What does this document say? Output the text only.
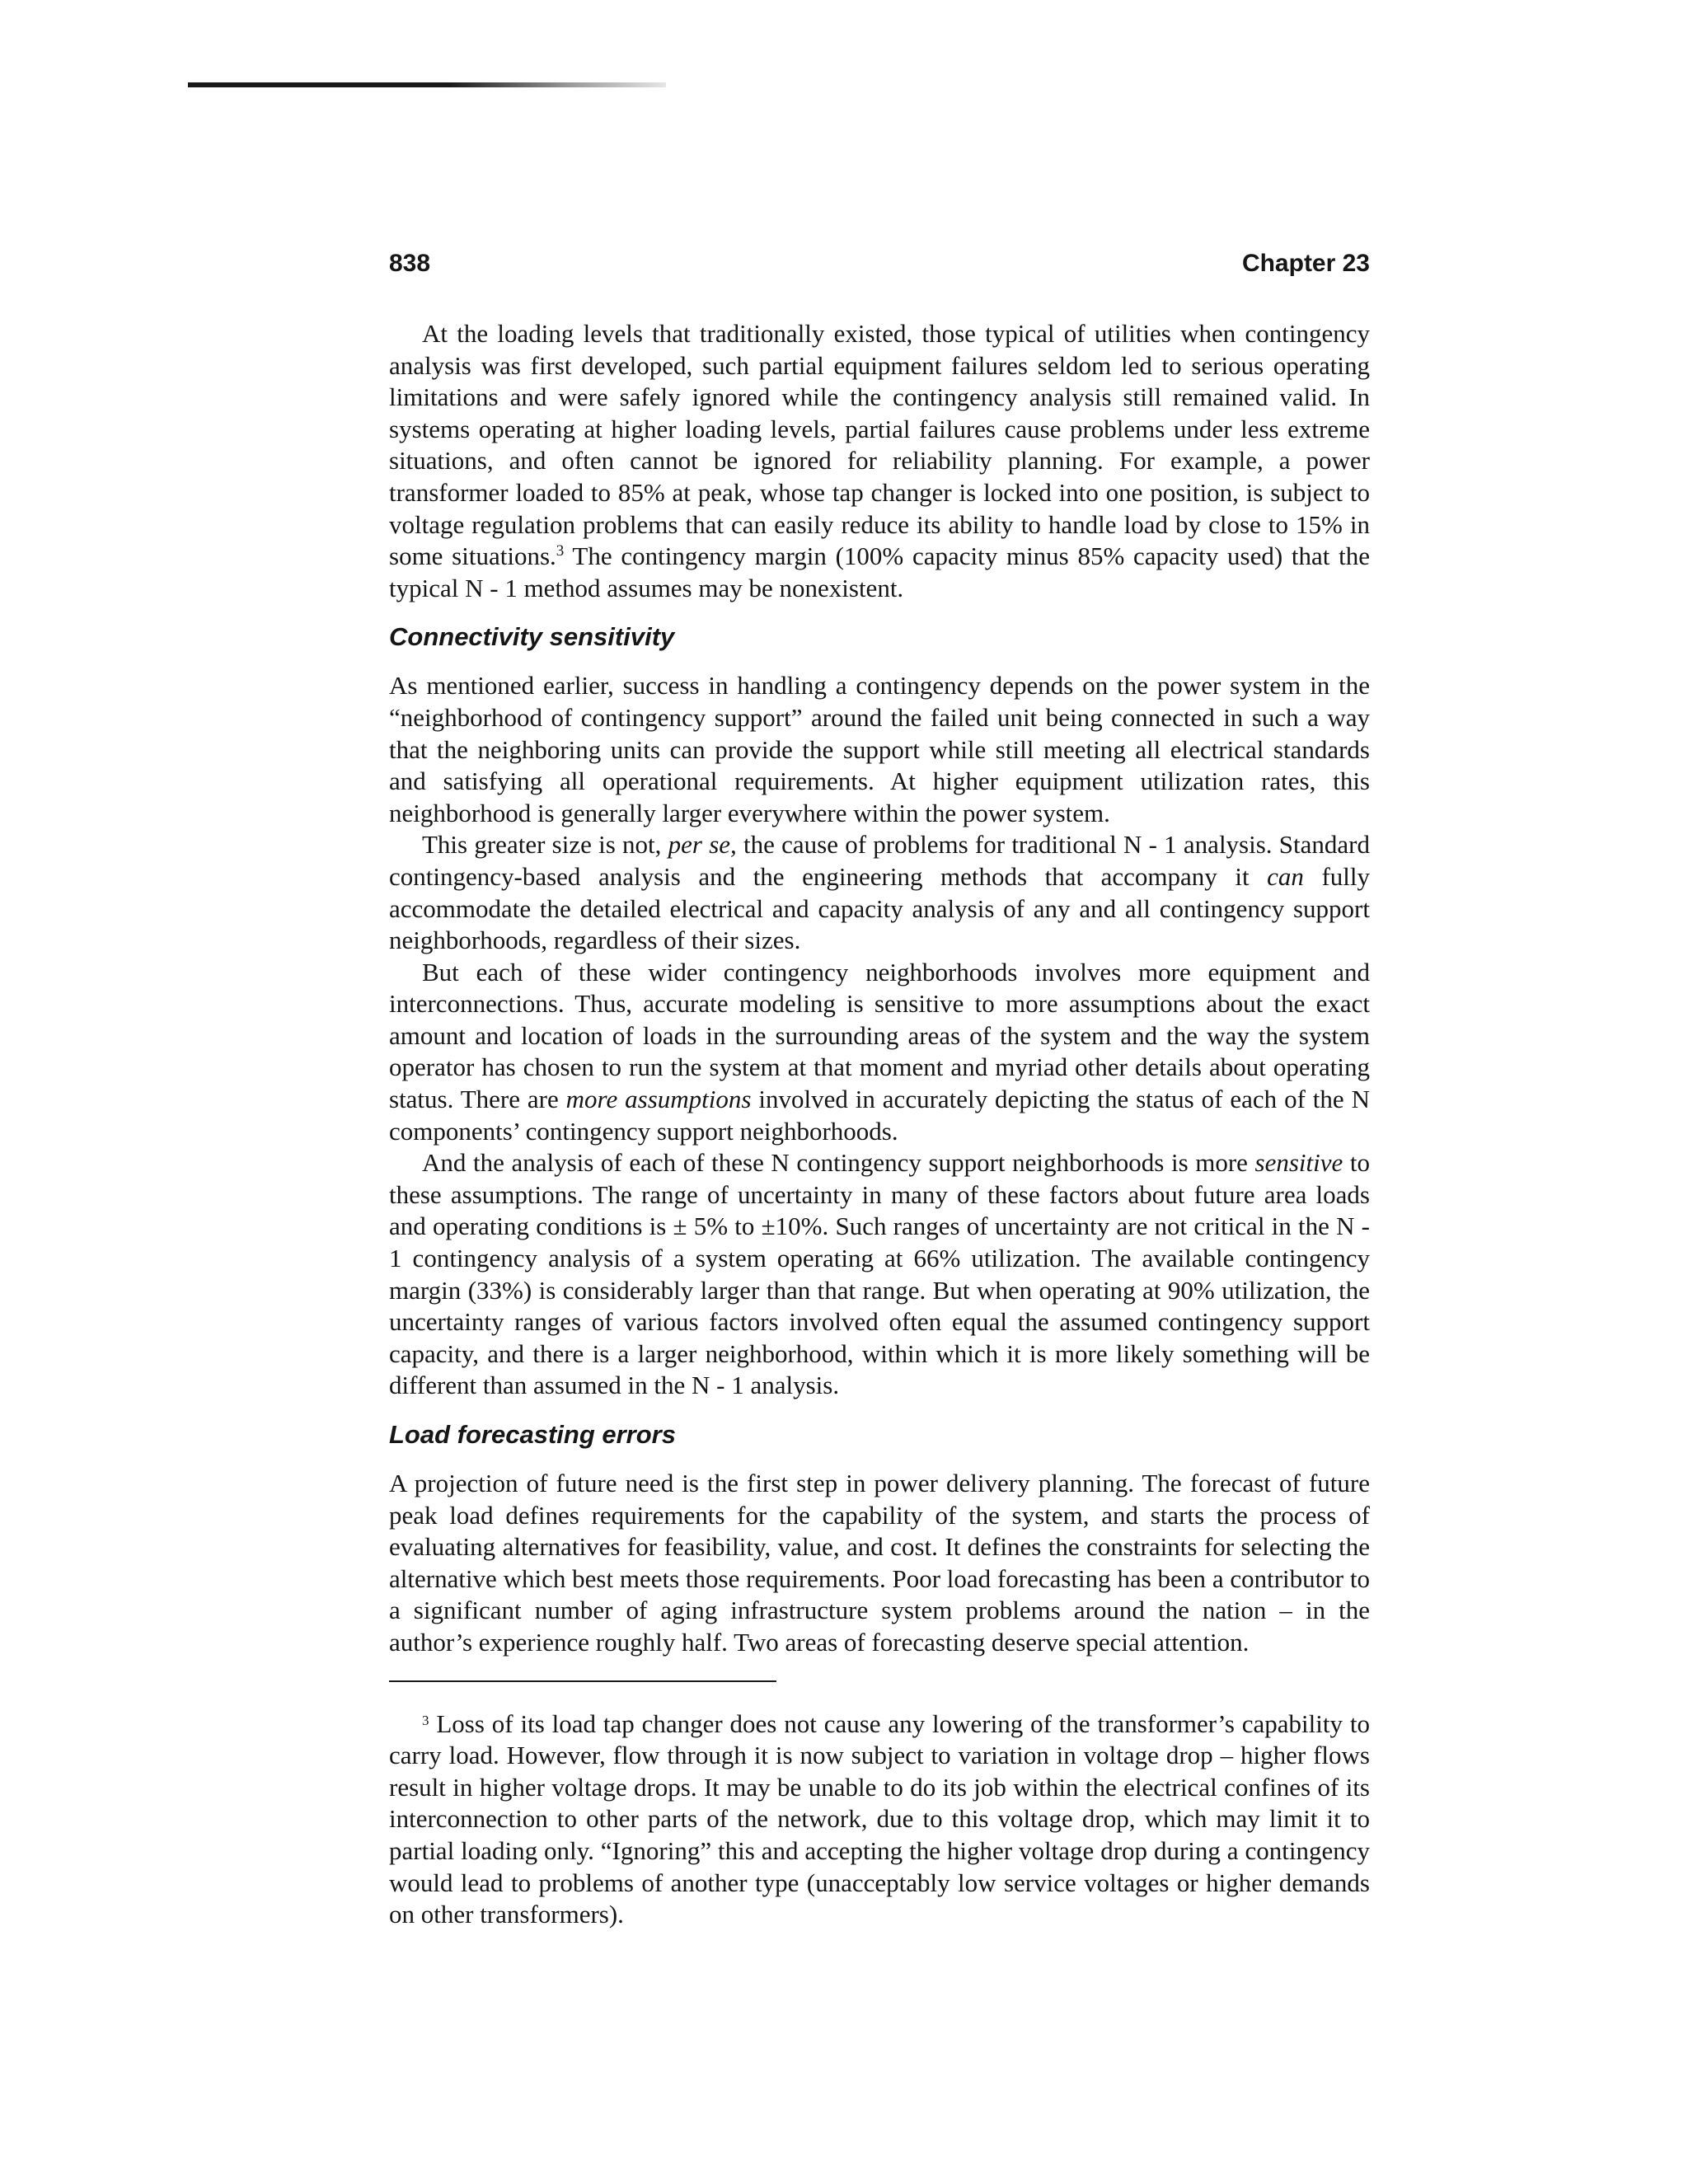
838	Chapter 23

At the loading levels that traditionally existed, those typical of utilities when contingency analysis was first developed, such partial equipment failures seldom led to serious operating limitations and were safely ignored while the contingency analysis still remained valid. In systems operating at higher loading levels, partial failures cause problems under less extreme situations, and often cannot be ignored for reliability planning. For example, a power transformer loaded to 85% at peak, whose tap changer is locked into one position, is subject to voltage regulation problems that can easily reduce its ability to handle load by close to 15% in some situations.$^3$ The contingency margin (100% capacity minus 85% capacity used) that the typical N - 1 method assumes may be nonexistent.

Connectivity sensitivity

As mentioned earlier, success in handling a contingency depends on the power system in the “neighborhood of contingency support” around the failed unit being connected in such a way that the neighboring units can provide the support while still meeting all electrical standards and satisfying all operational requirements. At higher equipment utilization rates, this neighborhood is generally larger everywhere within the power system.

This greater size is not, per se, the cause of problems for traditional N - 1 analysis. Standard contingency-based analysis and the engineering methods that accompany it can fully accommodate the detailed electrical and capacity analysis of any and all contingency support neighborhoods, regardless of their sizes.

But each of these wider contingency neighborhoods involves more equipment and interconnections. Thus, accurate modeling is sensitive to more assumptions about the exact amount and location of loads in the surrounding areas of the system and the way the system operator has chosen to run the system at that moment and myriad other details about operating status. There are more assumptions involved in accurately depicting the status of each of the N components’ contingency support neighborhoods.

And the analysis of each of these N contingency support neighborhoods is more sensitive to these assumptions. The range of uncertainty in many of these factors about future area loads and operating conditions is ± 5% to ±10%. Such ranges of uncertainty are not critical in the N - 1 contingency analysis of a system operating at 66% utilization. The available contingency margin (33%) is considerably larger than that range. But when operating at 90% utilization, the uncertainty ranges of various factors involved often equal the assumed contingency support capacity, and there is a larger neighborhood, within which it is more likely something will be different than assumed in the N - 1 analysis.

Load forecasting errors

A projection of future need is the first step in power delivery planning. The forecast of future peak load defines requirements for the capability of the system, and starts the process of evaluating alternatives for feasibility, value, and cost. It defines the constraints for selecting the alternative which best meets those requirements. Poor load forecasting has been a contributor to a significant number of aging infrastructure system problems around the nation – in the author’s experience roughly half. Two areas of forecasting deserve special attention.

$^3$ Loss of its load tap changer does not cause any lowering of the transformer’s capability to carry load. However, flow through it is now subject to variation in voltage drop – higher flows result in higher voltage drops. It may be unable to do its job within the electrical confines of its interconnection to other parts of the network, due to this voltage drop, which may limit it to partial loading only. “Ignoring” this and accepting the higher voltage drop during a contingency would lead to problems of another type (unacceptably low service voltages or higher demands on other transformers).
